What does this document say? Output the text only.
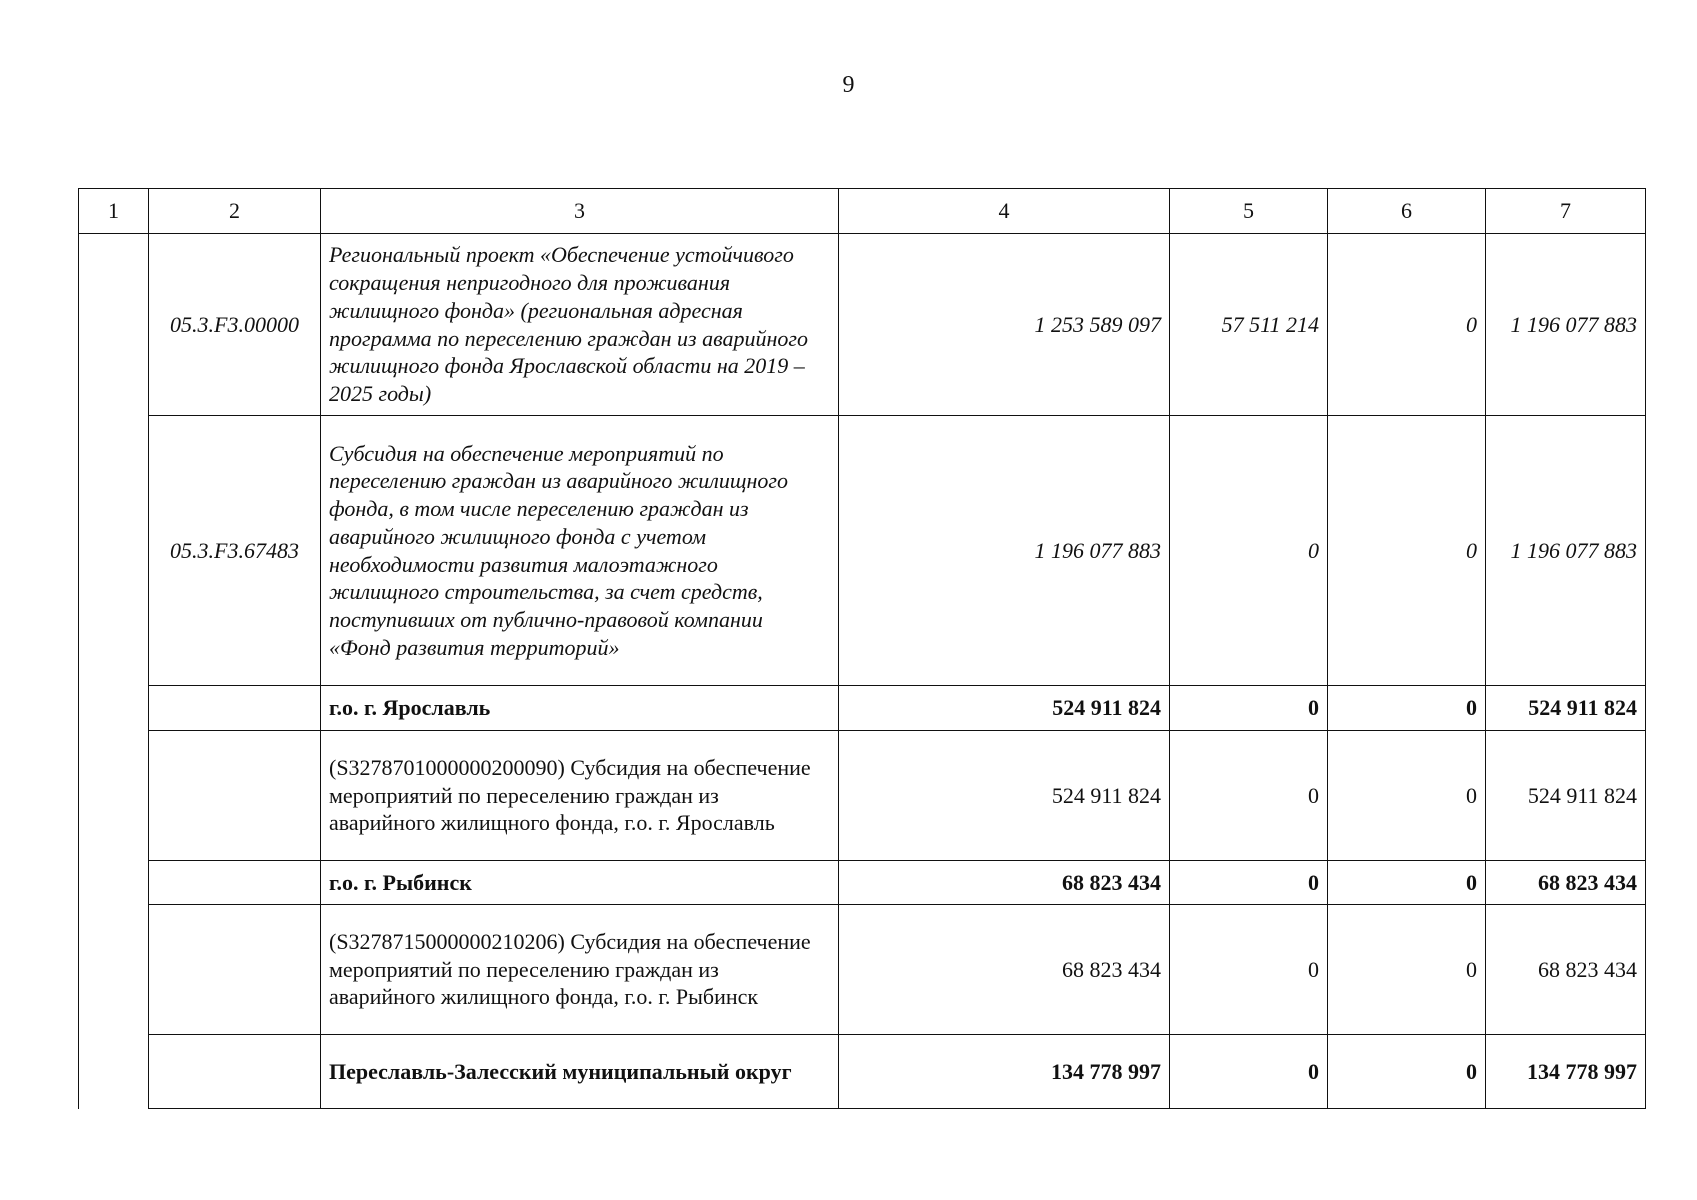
9
1	2	3	4	5	6	7
	05.3.F3.00000	Региональный проект «Обеспечение устойчивого сокращения непригодного для проживания жилищного фонда» (региональная адресная программа по переселению граждан из аварийного жилищного фонда Ярославской области на 2019 – 2025 годы)	1 253 589 097	57 511 214	0	1 196 077 883
	05.3.F3.67483	Субсидия на обеспечение мероприятий по переселению граждан из аварийного жилищного фонда, в том числе переселению граждан из аварийного жилищного фонда с учетом необходимости развития малоэтажного жилищного строительства, за счет средств, поступивших от публично-правовой компании «Фонд развития территорий»	1 196 077 883	0	0	1 196 077 883
		г.о. г. Ярославль	524 911 824	0	0	524 911 824
		(S3278701000000200090) Субсидия на обеспечение мероприятий по переселению граждан из аварийного жилищного фонда, г.о. г. Ярославль	524 911 824	0	0	524 911 824
		г.о. г. Рыбинск	68 823 434	0	0	68 823 434
		(S3278715000000210206) Субсидия на обеспечение мероприятий по переселению граждан из аварийного жилищного фонда, г.о. г. Рыбинск	68 823 434	0	0	68 823 434
		Переславль-Залесский муниципальный округ	134 778 997	0	0	134 778 997
